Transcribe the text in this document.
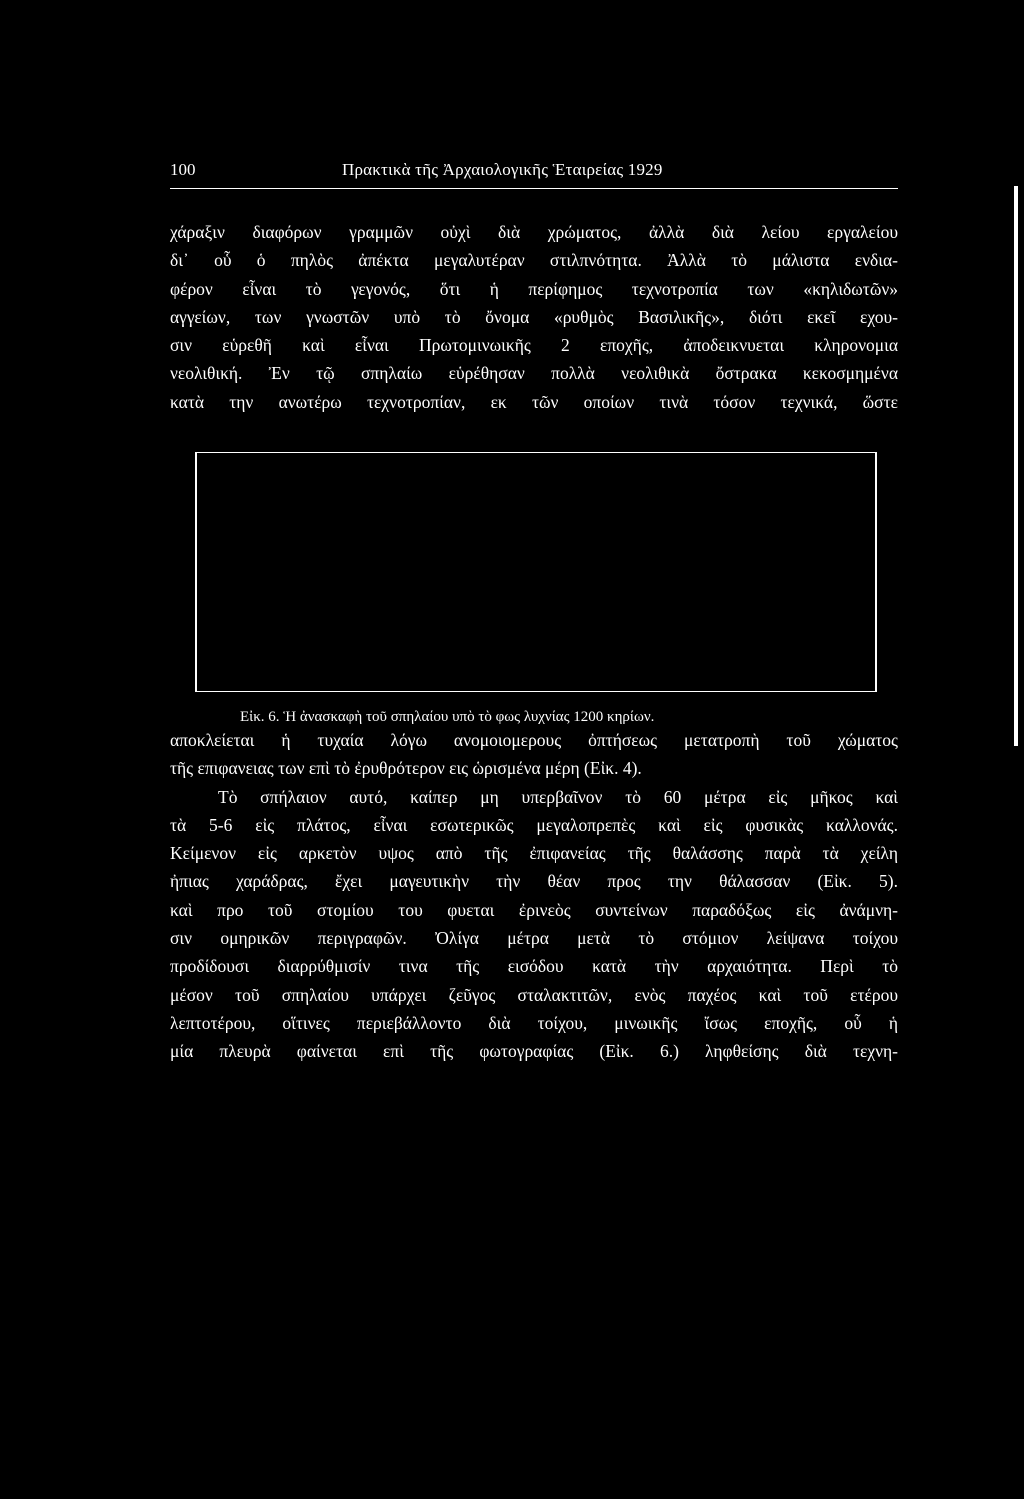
100	Πρακτικὰ τῆς Ἀρχαιολογικῆς Ἑταιρείας 1929

χάραξιν διαφόρων γραμμῶν οὐχὶ διὰ χρώματος, ἀλλὰ διὰ λείου εργαλείου
δι᾽ οὗ ὁ πηλὸς ἀπέκτα μεγαλυτέραν στιλπνότητα. Ἀλλὰ τὸ μάλιστα ενδια-
φέρον εἶναι τὸ γεγονός, ὅτι ἡ περίφημος τεχνοτροπία των «κηλιδωτῶν»
αγγείων, των γνωστῶν υπὸ τὸ ὄνομα «ρυθμὸς Βασιλικῆς», διότι εκεῖ εχου-
σιν εὑρεθῆ καὶ εἶναι Πρωτομινωικῆς 2 εποχῆς, ἀποδεικνυεται κληρονομια
νεολιθική. Ἐν τῷ σπηλαίω εὑρέθησαν πολλὰ νεολιθικὰ ὄστρακα κεκοσμημένα
κατὰ την ανωτέρω τεχνοτροπίαν, εκ τῶν οποίων τινὰ τόσον τεχνικά, ὥστε

Εἰκ. 6. Ἡ ἀνασκαφὴ τοῦ σπηλαίου υπὸ τὸ φως λυχνίας 1200 κηρίων.

αποκλείεται ἡ τυχαία λόγω ανομοιομερους ὀπτήσεως μετατροπὴ τοῦ χώματος
τῆς επιφανειας των επὶ τὸ ἐρυθρότερον εις ὡρισμένα μέρη (Εἰκ. 4).
Τὸ σπήλαιον αυτό, καίπερ μη υπερβαῖνον τὸ 60 μέτρα εἰς μῆκος καὶ
τὰ 5-6 εἰς πλάτος, εἶναι εσωτερικῶς μεγαλοπρεπὲς καὶ εἰς φυσικὰς καλλονάς.
Κείμενον εἰς αρκετὸν υψος απὸ τῆς ἐπιφανείας τῆς θαλάσσης παρὰ τὰ χείλη
ἠπιας χαράδρας, ἔχει μαγευτικὴν τὴν θέαν προς την θάλασσαν (Εἰκ. 5).
καὶ προ τοῦ στομίου του φυεται ἐρινεὸς συντείνων παραδόξως εἰς ἀνάμνη-
σιν ομηρικῶν περιγραφῶν. Ὀλίγα μέτρα μετὰ τὸ στόμιον λείψανα τοίχου
προδίδουσι διαρρύθμισίν τινα τῆς εισόδου κατὰ τὴν αρχαιότητα. Περὶ τὸ
μέσον τοῦ σπηλαίου υπάρχει ζεῦγος σταλακτιτῶν, ενὸς παχέος καὶ τοῦ ετέρου
λεπτοτέρου, οἵτινες περιεβάλλοντο διὰ τοίχου, μινωικῆς ἴσως εποχῆς, οὗ ἡ
μία πλευρὰ φαίνεται επὶ τῆς φωτογραφίας (Εἰκ. 6.) ληφθείσης διὰ τεχνη-
